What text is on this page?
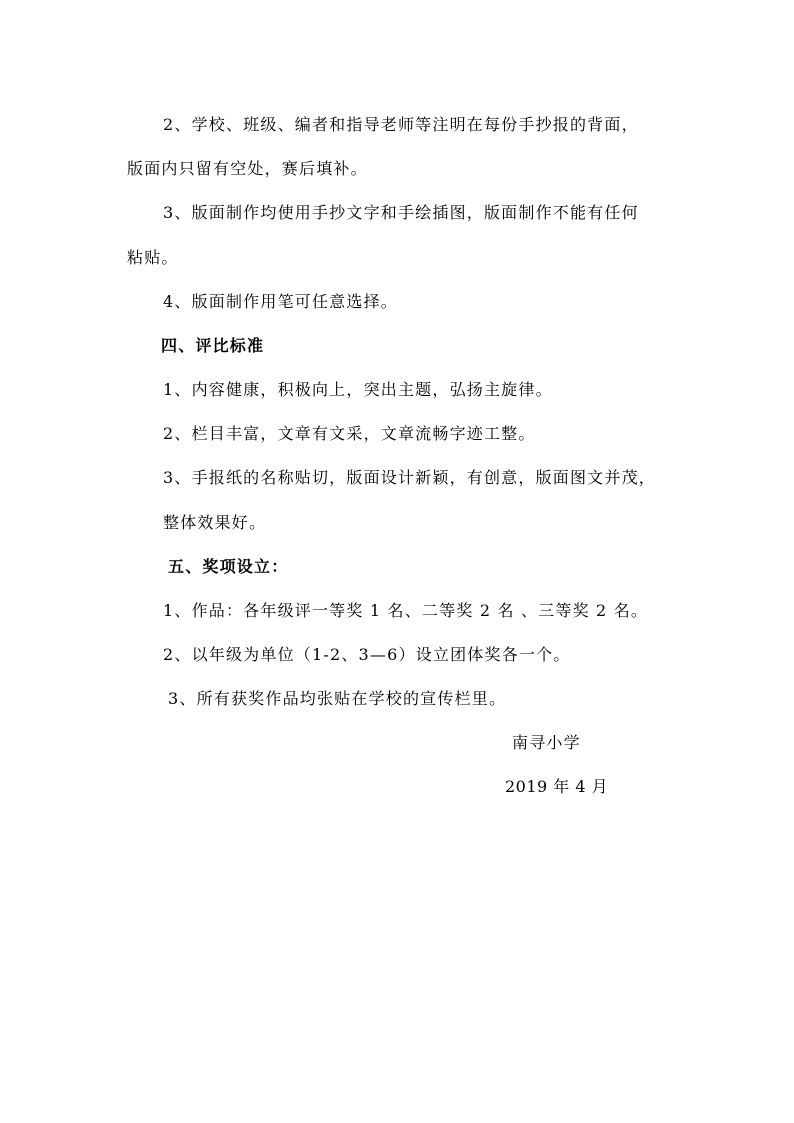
2、学校、班级、编者和指导老师等注明在每份手抄报的背面，
版面内只留有空处，赛后填补。
3、版面制作均使用手抄文字和手绘插图，版面制作不能有任何
粘贴。
4、版面制作用笔可任意选择。
四、评比标准
1、内容健康，积极向上，突出主题，弘扬主旋律。
2、栏目丰富，文章有文采，文章流畅字迹工整。
3、手报纸的名称贴切，版面设计新颖，有创意，版面图文并茂，
整体效果好。
五、奖项设立：
1、作品：各年级评一等奖 1 名、二等奖 2 名 、三等奖 2 名。
2、以年级为单位（1-2、3—6）设立团体奖各一个。
3、所有获奖作品均张贴在学校的宣传栏里。
南寻小学
2019 年 4 月
